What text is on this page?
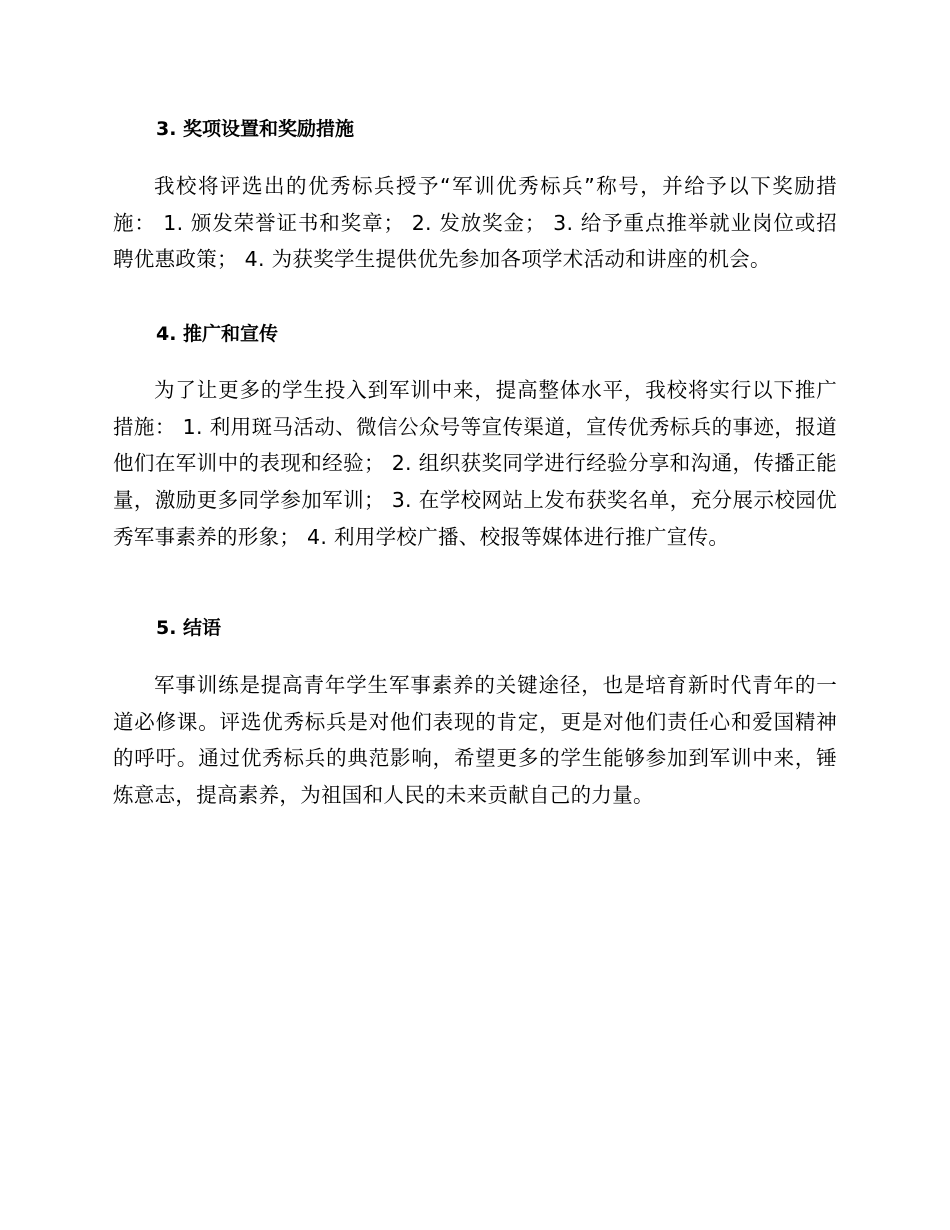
3. 奖项设置和奖励措施
我校将评选出的优秀标兵授予“军训优秀标兵”称号，并给予以下奖励措施： 1. 颁发荣誉证书和奖章； 2. 发放奖金； 3. 给予重点推举就业岗位或招聘优惠政策； 4. 为获奖学生提供优先参加各项学术活动和讲座的机会。
4. 推广和宣传
为了让更多的学生投入到军训中来，提高整体水平，我校将实行以下推广措施： 1. 利用斑马活动、微信公众号等宣传渠道，宣传优秀标兵的事迹，报道他们在军训中的表现和经验； 2. 组织获奖同学进行经验分享和沟通，传播正能量，激励更多同学参加军训； 3. 在学校网站上发布获奖名单，充分展示校园优秀军事素养的形象； 4. 利用学校广播、校报等媒体进行推广宣传。
5. 结语
军事训练是提高青年学生军事素养的关键途径，也是培育新时代青年的一道必修课。评选优秀标兵是对他们表现的肯定，更是对他们责任心和爱国精神的呼吁。通过优秀标兵的典范影响，希望更多的学生能够参加到军训中来，锤炼意志，提高素养，为祖国和人民的未来贡献自己的力量。
